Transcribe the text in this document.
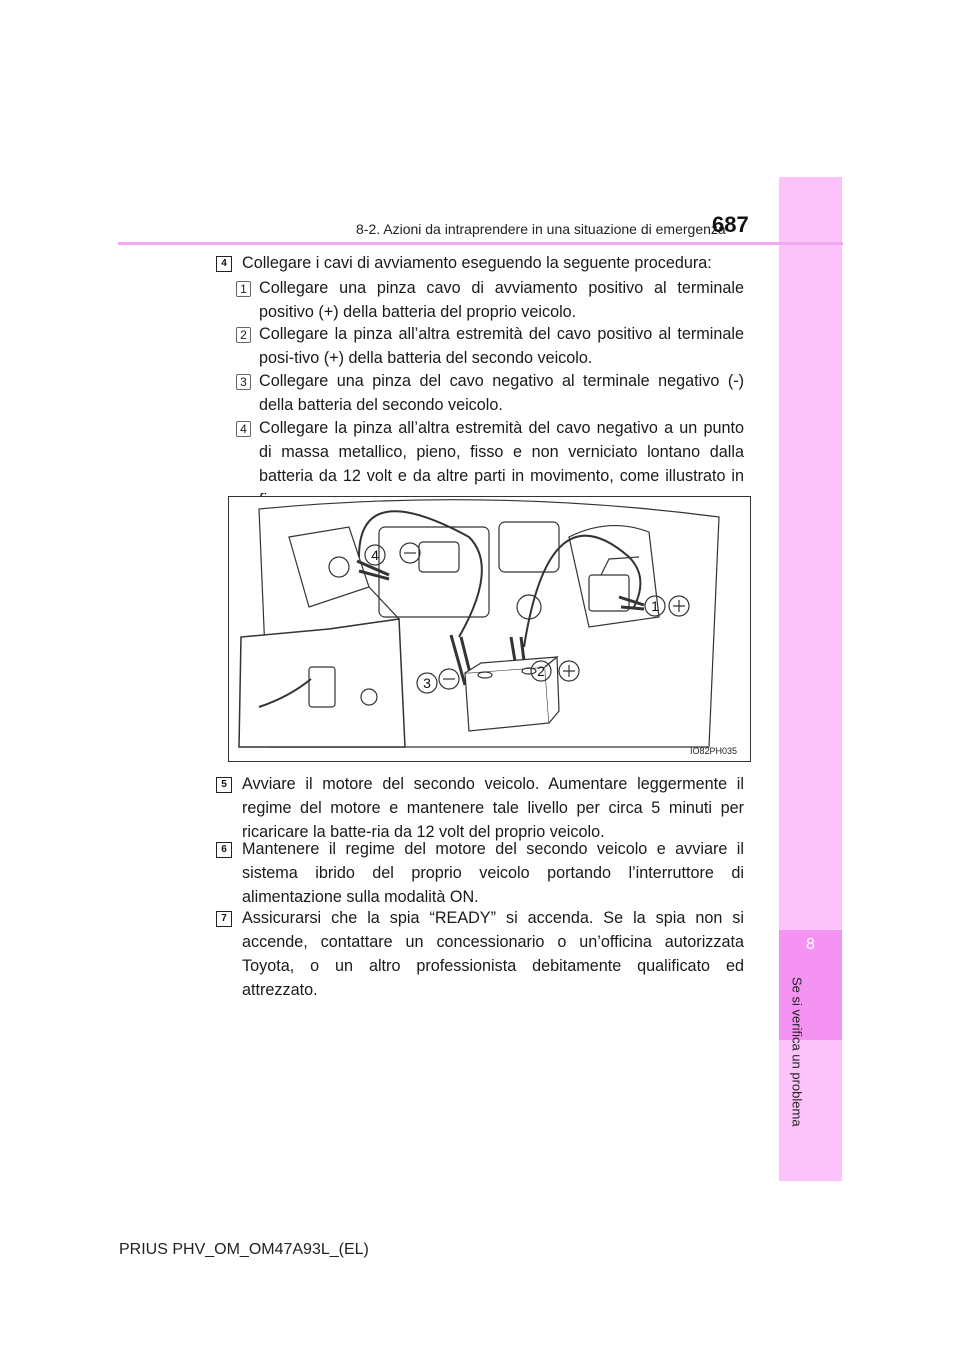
8
Se si verifica un problema
8-2. Azioni da intraprendere in una situazione di emergenza
687
4 Collegare i cavi di avviamento eseguendo la seguente procedura:
1 Collegare una pinza cavo di avviamento positivo al terminale positivo (+) della batteria del proprio veicolo.
2 Collegare la pinza all’altra estremità del cavo positivo al terminale posi-tivo (+) della batteria del secondo veicolo.
3 Collegare una pinza del cavo negativo al terminale negativo (-) della batteria del secondo veicolo.
4 Collegare la pinza all’altra estremità del cavo negativo a un punto di massa metallico, pieno, fisso e non verniciato lontano dalla batteria da 12 volt e da altre parti in movimento, come illustrato in
4
1
2
3
IO82PH035
5 Avviare il motore del secondo veicolo. Aumentare leggermente il regime del motore e mantenere tale livello per circa 5 minuti per ricaricare la batte-ria da 12 volt del proprio veicolo.
6 Mantenere il regime del motore del secondo veicolo e avviare il sistema ibrido del proprio veicolo portando l’interruttore di alimentazione sulla modalità ON.
7 Assicurarsi che la spia “READY” si accenda. Se la spia non si accende, contattare un concessionario o un’officina autorizzata Toyota, o un altro professionista debitamente qualificato ed attrezzato.
PRIUS PHV_OM_OM47A93L_(EL)
